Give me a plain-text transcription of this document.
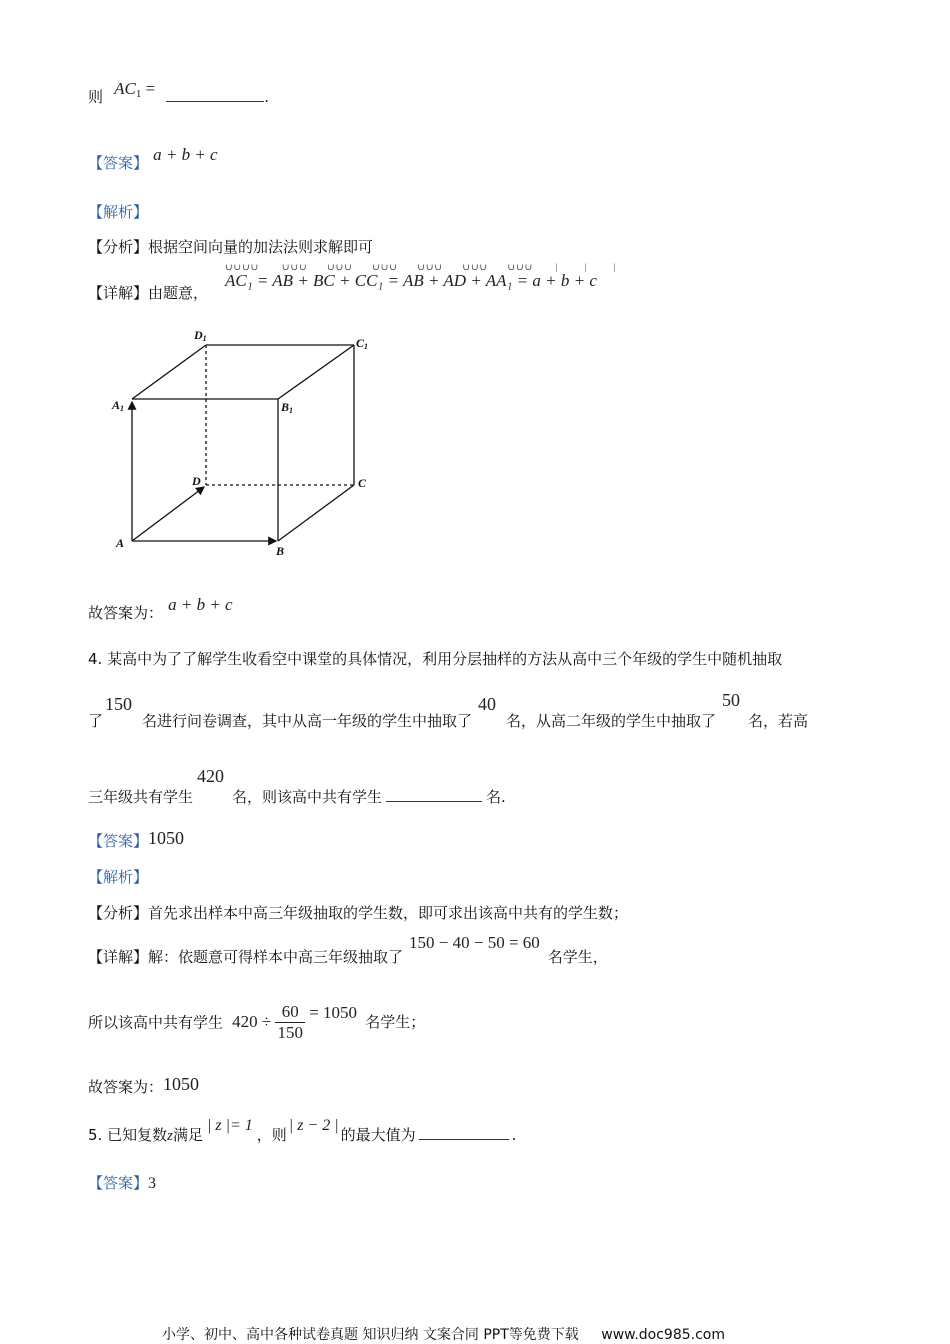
则 $AC_1$ =	.
【答案】 a + b + c
【解析】
【分析】根据空间向量的加法法则求解即可
【详解】由题意，
∪∪∪∪       ∪∪∪      ∪∪∪      ∪∪∪      ∪∪∪      ∪∪∪      ∪∪∪       |        |        |
AC₁ = AB + BC + CC₁ = AB + AD + AA₁ = a + b + c
A
B
C
D
A1	B1
C1
D1
故答案为： a + b + c
4. 某高中为了了解学生收看空中课堂的具体情况，利用分层抽样的方法从高中三个年级的学生中随机抽取
了150名进行问卷调查，其中从高一年级的学生中抽取了40名，从高二年级的学生中抽取了50名，若高
三年级共有学生420名，则该高中共有学生	名.
【答案】1050
【解析】
【分析】首先求出样本中高三年级抽取的学生数，即可求出该高中共有的学生数；
【详解】解：依题意可得样本中高三年级抽取了150 − 40 − 50 = 60名学生，
所以该高中共有学生 $420 \div \frac{60}{150} = 1050$ 名学生；
故答案为：1050
5. 已知复数z满足| z |= 1，则| z − 2 |的最大值为	.
【答案】3
小学、初中、高中各种试卷真题 知识归纳 文案合同 PPT等免费下载 www.doc985.com
